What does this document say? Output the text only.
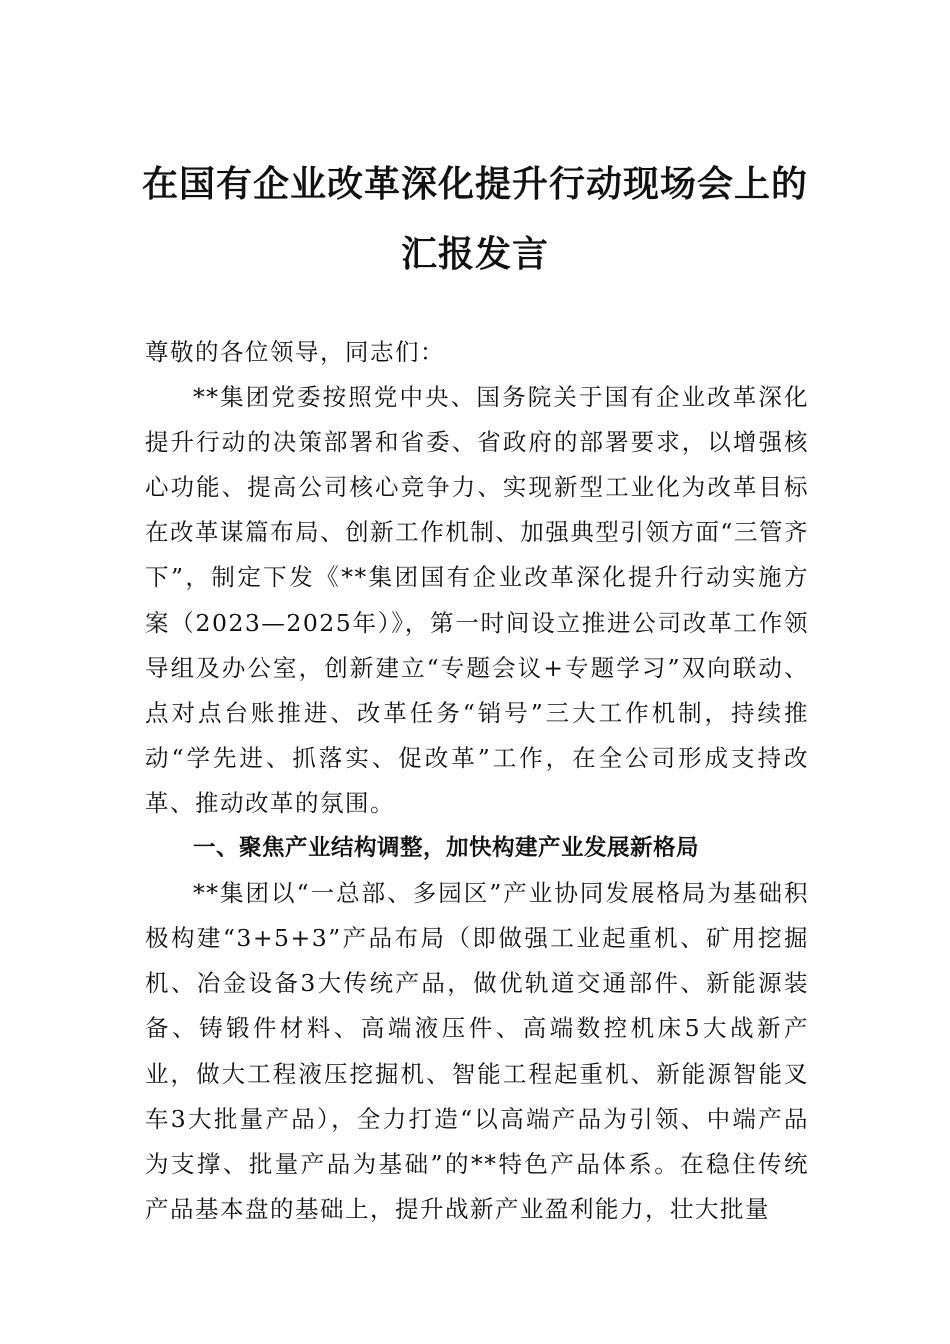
在国有企业改革深化提升行动现场会上的
汇报发言

尊敬的各位领导，同志们：

**集团党委按照党中央、国务院关于国有企业改革深化提升行动的决策部署和省委、省政府的部署要求，以增强核心功能、提高公司核心竞争力、实现新型工业化为改革目标在改革谋篇布局、创新工作机制、加强典型引领方面“三管齐下”，制定下发《**集团国有企业改革深化提升行动实施方案（2023—2025年）》，第一时间设立推进公司改革工作领导组及办公室，创新建立“专题会议+专题学习”双向联动、点对点台账推进、改革任务“销号”三大工作机制，持续推动“学先进、抓落实、促改革”工作，在全公司形成支持改革、推动改革的氛围。

一、聚焦产业结构调整，加快构建产业发展新格局

**集团以“一总部、多园区”产业协同发展格局为基础积极构建“3+5+3”产品布局（即做强工业起重机、矿用挖掘机、冶金设备3大传统产品，做优轨道交通部件、新能源装备、铸锻件材料、高端液压件、高端数控机床5大战新产业，做大工程液压挖掘机、智能工程起重机、新能源智能叉车3大批量产品），全力打造“以高端产品为引领、中端产品为支撑、批量产品为基础”的**特色产品体系。在稳住传统产品基本盘的基础上，提升战新产业盈利能力，壮大批量
